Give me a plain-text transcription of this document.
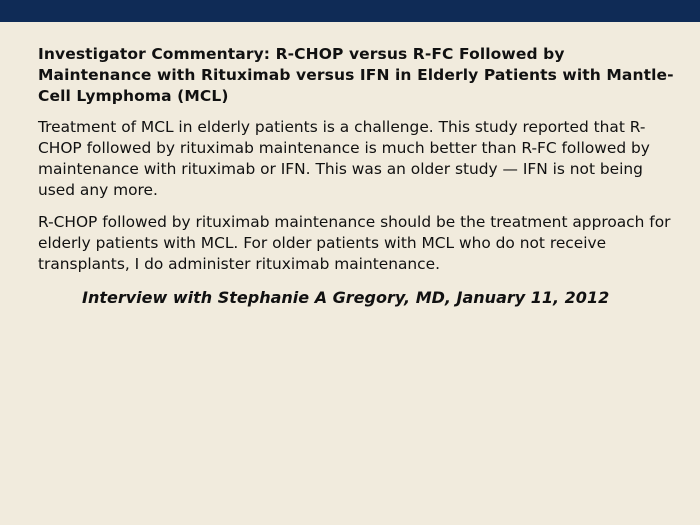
Investigator Commentary: R-CHOP versus R-FC Followed by Maintenance with Rituximab versus IFN in Elderly Patients with Mantle-Cell Lymphoma (MCL)

Treatment of MCL in elderly patients is a challenge. This study reported that R-CHOP followed by rituximab maintenance is much better than R-FC followed by maintenance with rituximab or IFN. This was an older study — IFN is not being used any more.

R-CHOP followed by rituximab maintenance should be the treatment approach for elderly patients with MCL. For older patients with MCL who do not receive transplants, I do administer rituximab maintenance.

Interview with Stephanie A Gregory, MD, January 11, 2012
